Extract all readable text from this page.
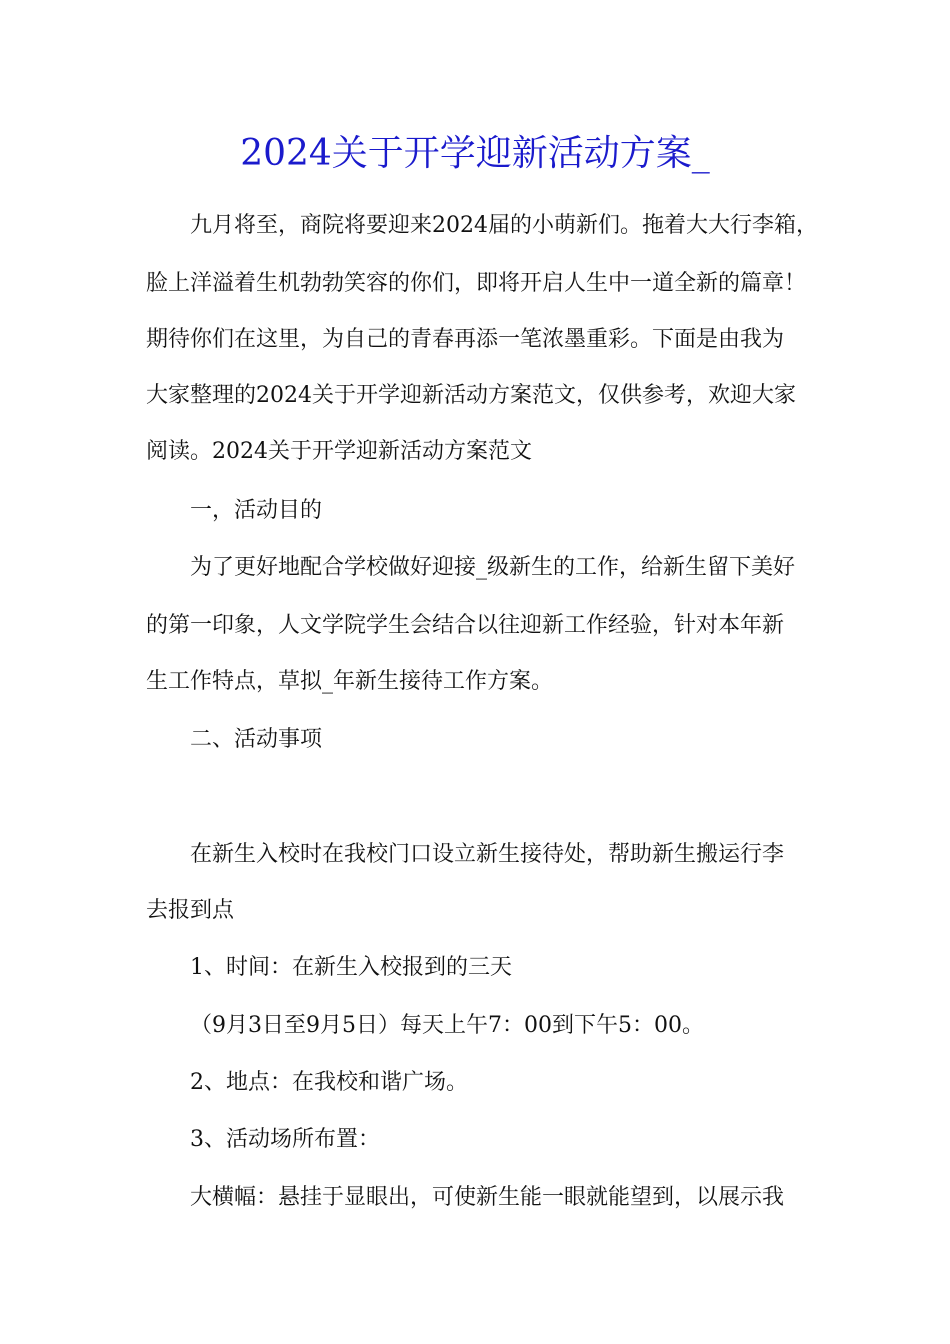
2024关于开学迎新活动方案_
九月将至，商院将要迎来2024届的小萌新们。拖着大大行李箱，
脸上洋溢着生机勃勃笑容的你们，即将开启人生中一道全新的篇章！
期待你们在这里，为自己的青春再添一笔浓墨重彩。下面是由我为
大家整理的2024关于开学迎新活动方案范文，仅供参考，欢迎大家
阅读。2024关于开学迎新活动方案范文
一，活动目的
为了更好地配合学校做好迎接_级新生的工作，给新生留下美好
的第一印象，人文学院学生会结合以往迎新工作经验，针对本年新
生工作特点，草拟_年新生接待工作方案。
二、活动事项
在新生入校时在我校门口设立新生接待处，帮助新生搬运行李
去报到点
1、时间：在新生入校报到的三天
（9月3日至9月5日）每天上午7：00到下午5：00。
2、地点：在我校和谐广场。
3、活动场所布置：
大横幅：悬挂于显眼出，可使新生能一眼就能望到，以展示我
